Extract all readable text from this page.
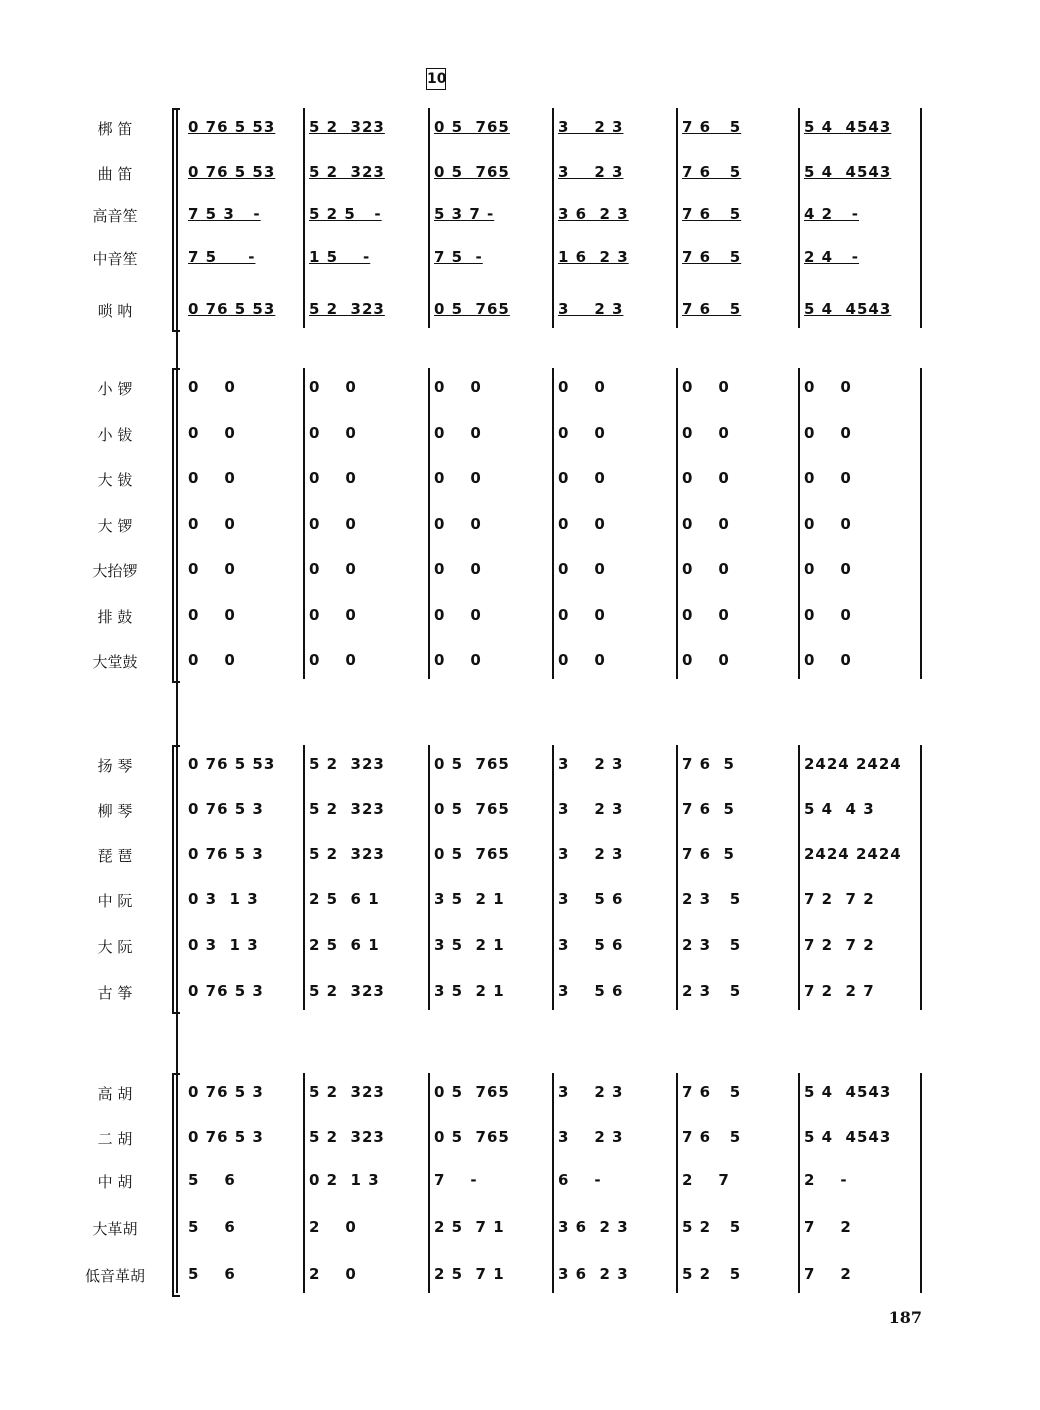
10
187
梆 笛	0 76 5 53	5 2  323	0 5  765	3    2 3	7 6   5	5 4  4543
曲 笛	0 76 5 53	5 2  323	0 5  765	3    2 3	7 6   5	5 4  4543
高音笙	7 5 3   -	5 2 5   -	5 3 7 -	3 6  2 3	7 6   5	4 2   -
中音笙	7 5     -	1 5    -	7 5  -	1 6  2 3	7 6   5	2 4   -
唢 呐	0 76 5 53	5 2  323	0 5  765	3    2 3	7 6   5	5 4  4543
小 锣	0    0	0    0	0    0	0    0	0    0	0    0
小 钹	0    0	0    0	0    0	0    0	0    0	0    0
大 钹	0    0	0    0	0    0	0    0	0    0	0    0
大 锣	0    0	0    0	0    0	0    0	0    0	0    0
大抬锣	0    0	0    0	0    0	0    0	0    0	0    0
排 鼓	0    0	0    0	0    0	0    0	0    0	0    0
大堂鼓	0    0	0    0	0    0	0    0	0    0	0    0
扬 琴	0 76 5 53	5 2  323	0 5  765	3    2 3	7 6  5	2424 2424
柳 琴	0 76 5 3	5 2  323	0 5  765	3    2 3	7 6  5	5 4  4 3
琵 琶	0 76 5 3	5 2  323	0 5  765	3    2 3	7 6  5	2424 2424
中 阮	0 3  1 3	2 5  6 1	3 5  2 1	3    5 6	2 3   5	7 2  7 2
大 阮	0 3  1 3	2 5  6 1	3 5  2 1	3    5 6	2 3   5	7 2  7 2
古 筝	0 76 5 3	5 2  323	3 5  2 1	3    5 6	2 3   5	7 2  2 7
高 胡	0 76 5 3	5 2  323	0 5  765	3    2 3	7 6   5	5 4  4543
二 胡	0 76 5 3	5 2  323	0 5  765	3    2 3	7 6   5	5 4  4543
中 胡	5    6	0 2  1 3	7    -	6    -	2    7	2    -
大革胡	5    6	2    0	2 5  7 1	3 6  2 3	5 2   5	7    2
低音革胡	5    6	2    0	2 5  7 1	3 6  2 3	5 2   5	7    2
